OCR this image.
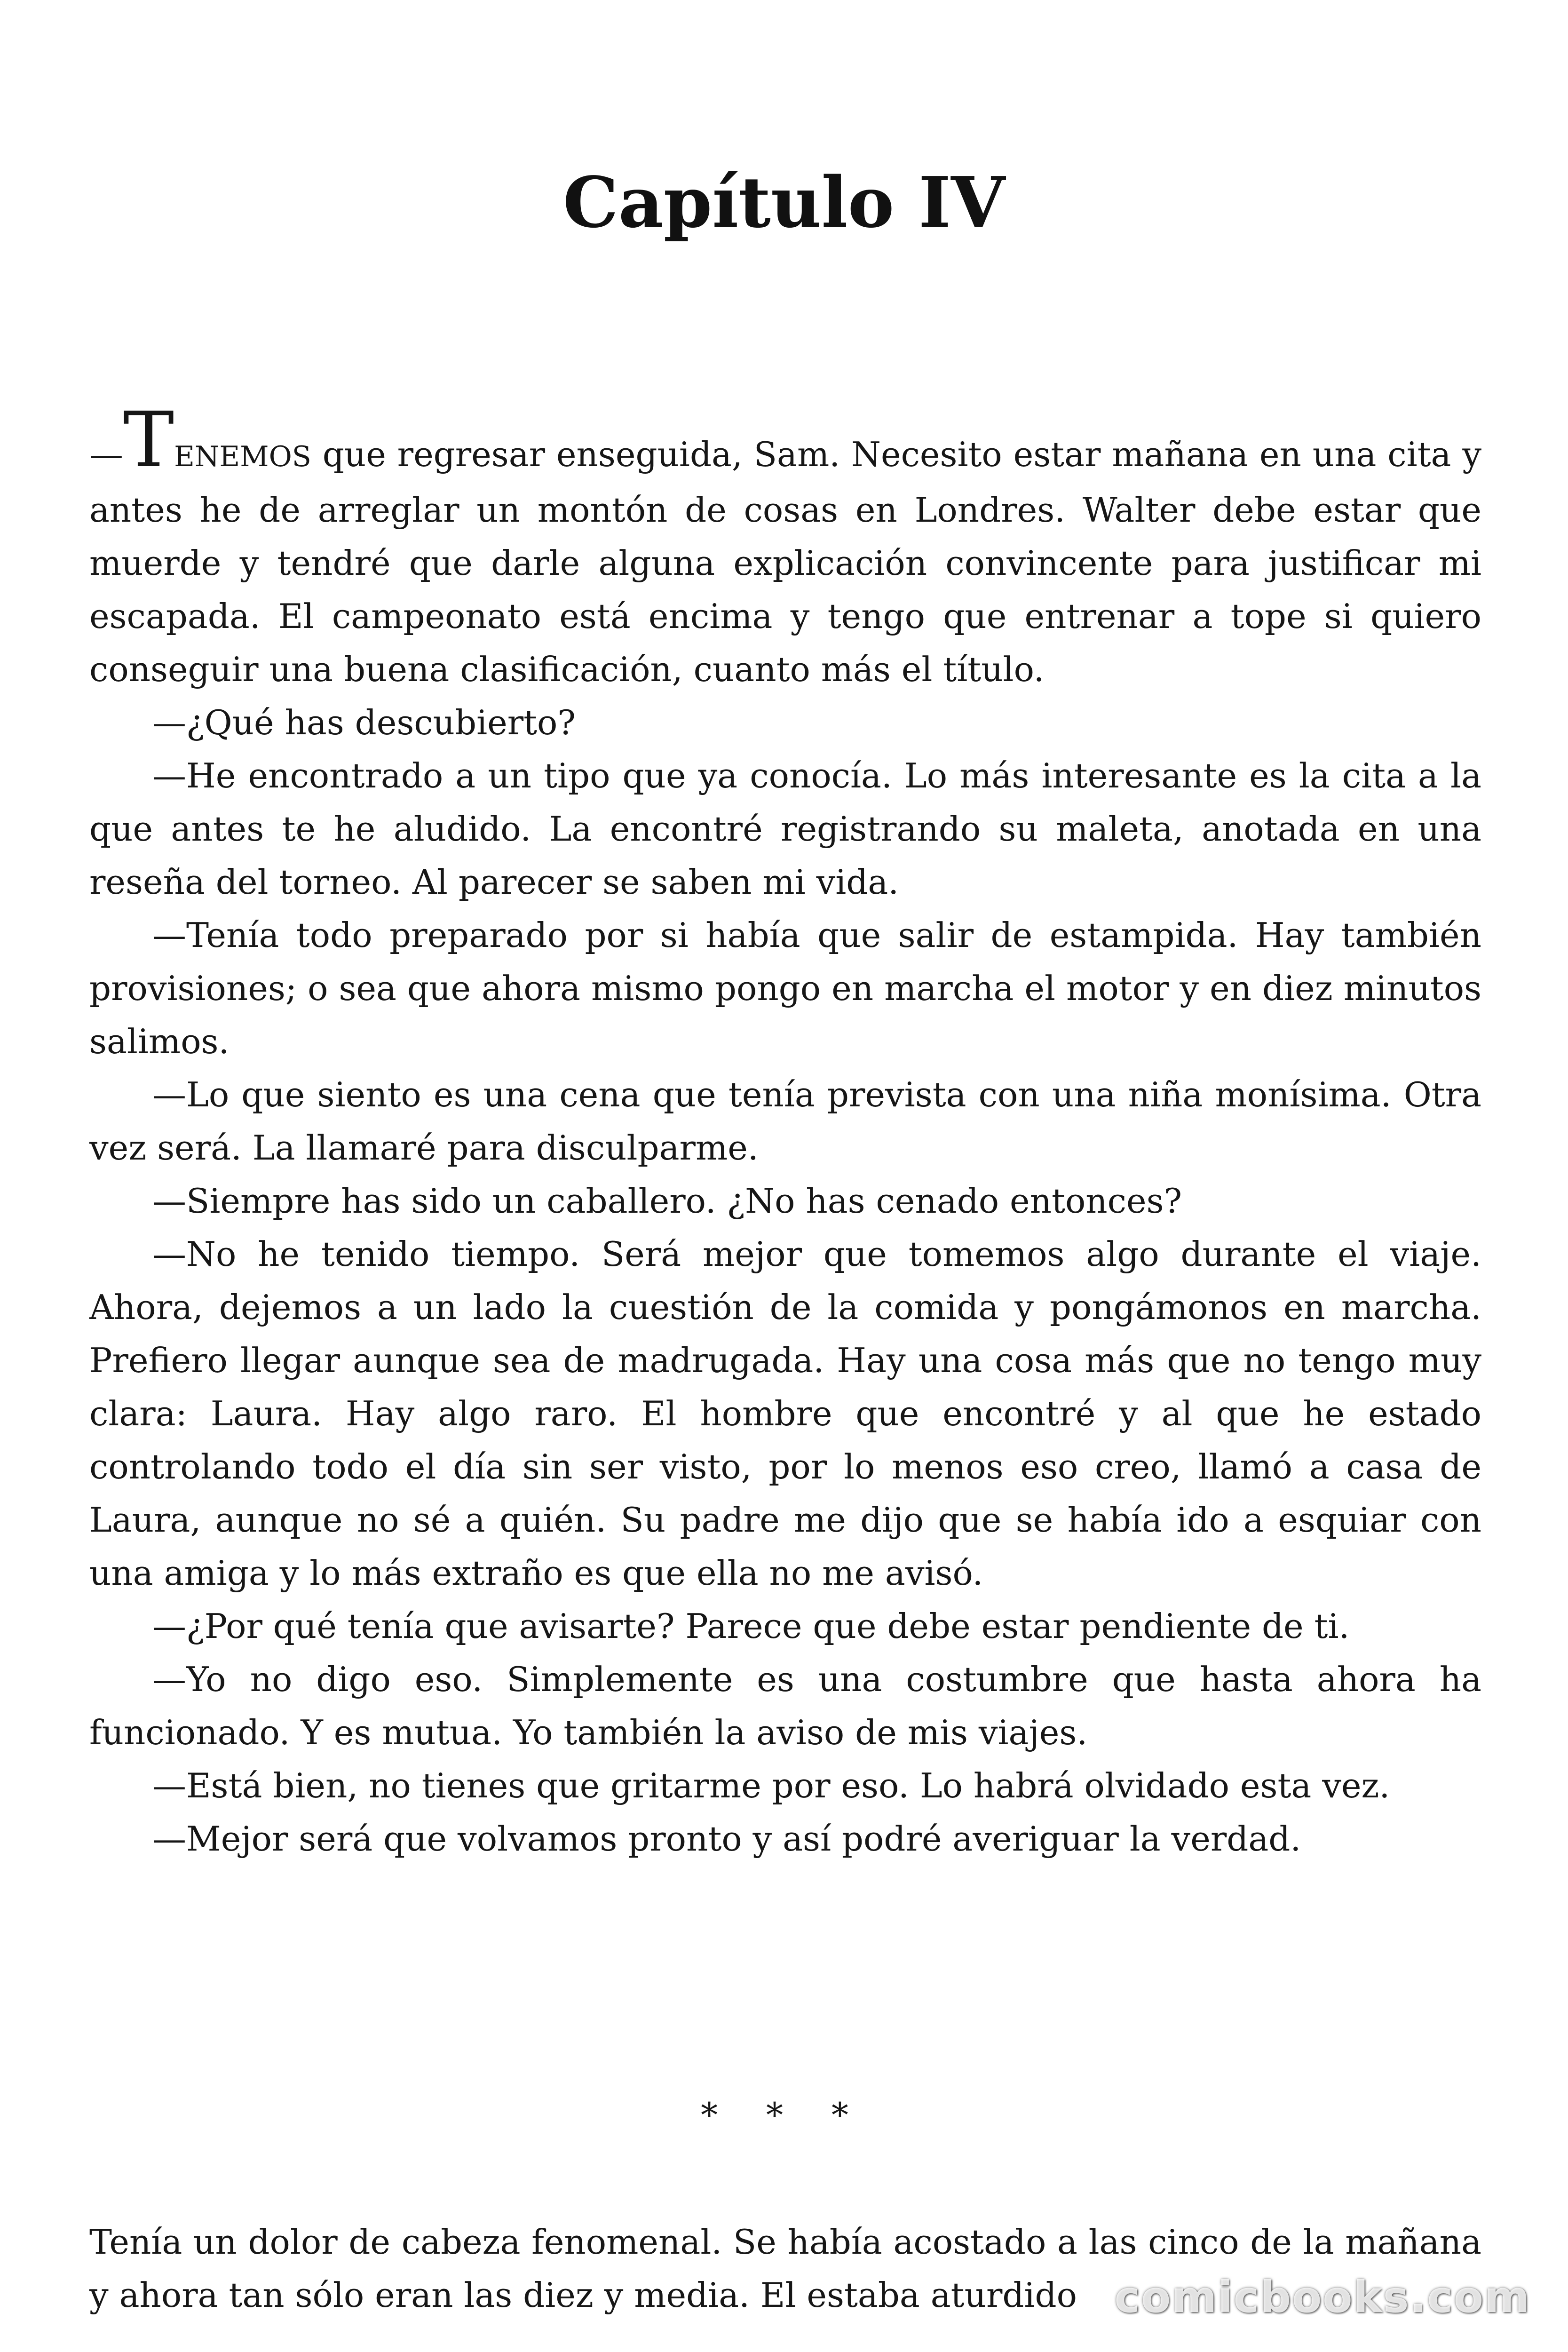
Capítulo IV

—TENEMOS que regresar enseguida, Sam. Necesito estar mañana en una cita y antes he de arreglar un montón de cosas en Londres. Walter debe estar que muerde y tendré que darle alguna explicación convincente para justificar mi escapada. El campeonato está encima y tengo que entrenar a tope si quiero conseguir una buena clasificación, cuanto más el título.

—¿Qué has descubierto?

—He encontrado a un tipo que ya conocía. Lo más interesante es la cita a la que antes te he aludido. La encontré registrando su maleta, anotada en una reseña del torneo. Al parecer se saben mi vida.

—Tenía todo preparado por si había que salir de estampida. Hay también provisiones; o sea que ahora mismo pongo en marcha el motor y en diez minutos salimos.

—Lo que siento es una cena que tenía prevista con una niña monísima. Otra vez será. La llamaré para disculparme.

—Siempre has sido un caballero. ¿No has cenado entonces?

—No he tenido tiempo. Será mejor que tomemos algo durante el viaje. Ahora, dejemos a un lado la cuestión de la comida y pongámonos en marcha. Prefiero llegar aunque sea de madrugada. Hay una cosa más que no tengo muy clara: Laura. Hay algo raro. El hombre que encontré y al que he estado controlando todo el día sin ser visto, por lo menos eso creo, llamó a casa de Laura, aunque no sé a quién. Su padre me dijo que se había ido a esquiar con una amiga y lo más extraño es que ella no me avisó.

—¿Por qué tenía que avisarte? Parece que debe estar pendiente de ti.

—Yo no digo eso. Simplemente es una costumbre que hasta ahora ha funcionado. Y es mutua. Yo también la aviso de mis viajes.

—Está bien, no tienes que gritarme por eso. Lo habrá olvidado esta vez.

—Mejor será que volvamos pronto y así podré averiguar la verdad.

* * *

Tenía un dolor de cabeza fenomenal. Se había acostado a las cinco de la mañana y ahora tan sólo eran las diez y media. El estaba aturdido comicbooks.com
